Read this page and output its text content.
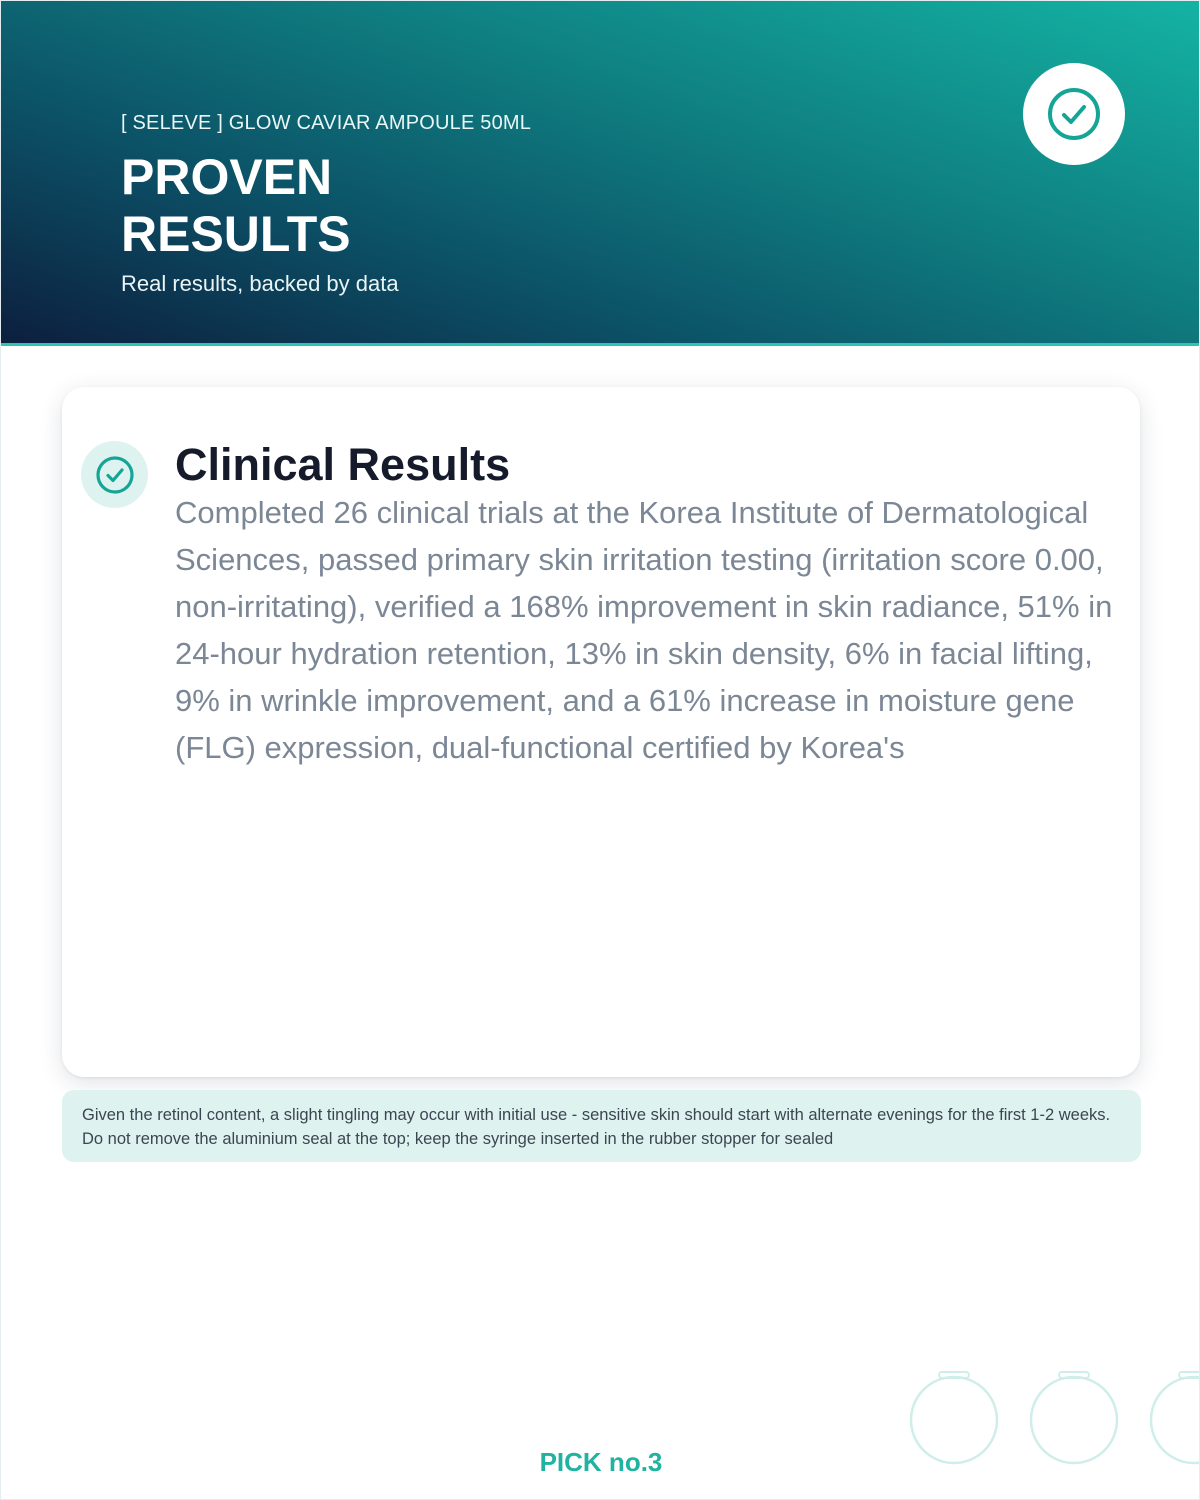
[ SELEVE ] GLOW CAVIAR AMPOULE 50ML
PROVEN
RESULTS
Real results, backed by data
Clinical Results

Completed 26 clinical trials at the Korea Institute of Dermatological Sciences, passed primary skin irritation testing (irritation score 0.00, non-irritating), verified a 168% improvement in skin radiance, 51% in 24-hour hydration retention, 13% in skin density, 6% in facial lifting, 9% in wrinkle improvement, and a 61% increase in moisture gene (FLG) expression, dual-functional certified by Korea's

Given the retinol content, a slight tingling may occur with initial use - sensitive skin should start with alternate evenings for the first 1-2 weeks. Do not remove the aluminium seal at the top; keep the syringe inserted in the rubber stopper for sealed
PICK no.3
